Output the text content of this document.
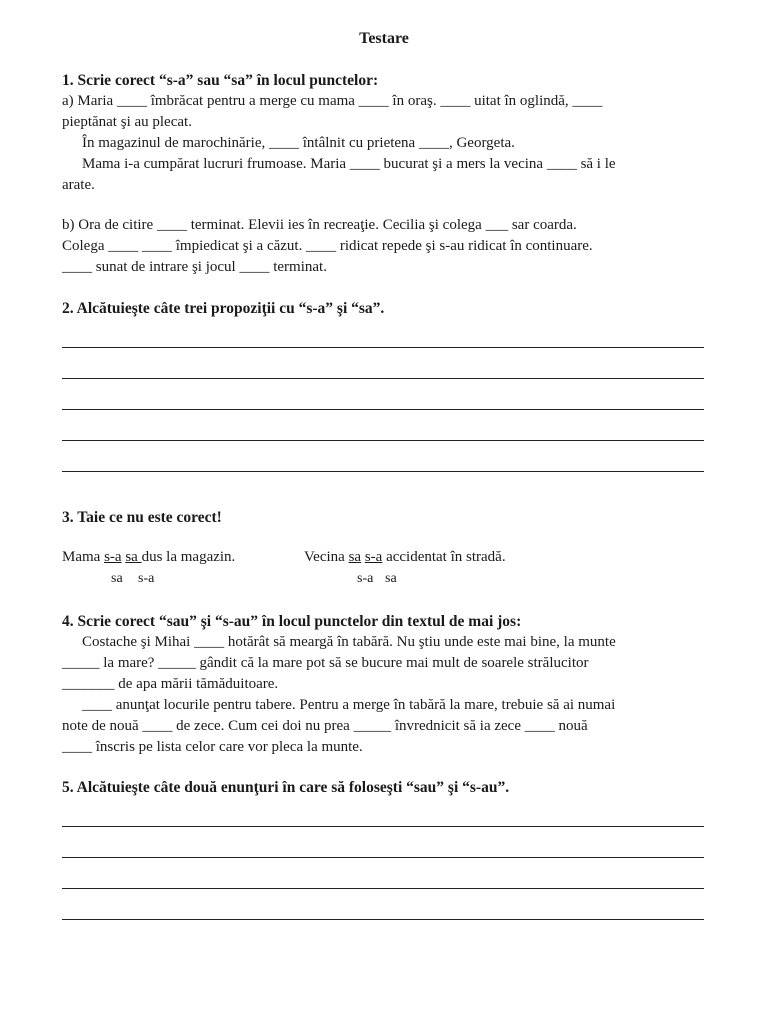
Testare
1. Scrie corect “s-a” sau “sa” în locul punctelor:
a) Maria ____ îmbrăcat pentru a merge cu mama ____ în oraş. ____ uitat în oglindă, ____
pieptănat şi au plecat.
În magazinul de marochinărie, ____ întâlnit cu prietena ____, Georgeta.
Mama i-a cumpărat lucruri frumoase. Maria ____ bucurat şi a mers la vecina ____ să i le
arate.
b) Ora de citire ____ terminat. Elevii ies în recreaţie. Cecilia şi colega ___ sar coarda.
Colega ____ ____ împiedicat şi a căzut. ____ ridicat repede şi s-au ridicat în continuare.
____ sunat de intrare şi jocul ____ terminat.
2. Alcătuieşte câte trei propoziţii cu “s-a” şi “sa”.
3. Taie ce nu este corect!
Mama s-a sa dus la magazin.
sa s-a
Vecina sa s-a accidentat în stradă.
s-a sa
4. Scrie corect “sau” şi “s-au” în locul punctelor din textul de mai jos:
Costache şi Mihai ____ hotărât să meargă în tabără. Nu ştiu unde este mai bine, la munte
_____ la mare? _____ gândit că la mare pot să se bucure mai mult de soarele strălucitor
_______ de apa mării tămăduitoare.
____ anunţat locurile pentru tabere. Pentru a merge în tabără la mare, trebuie să ai numai
note de nouă ____ de zece. Cum cei doi nu prea _____ învrednicit să ia zece ____ nouă
____ înscris pe lista celor care vor pleca la munte.
5. Alcătuieşte câte două enunţuri în care să foloseşti “sau” şi “s-au”.
